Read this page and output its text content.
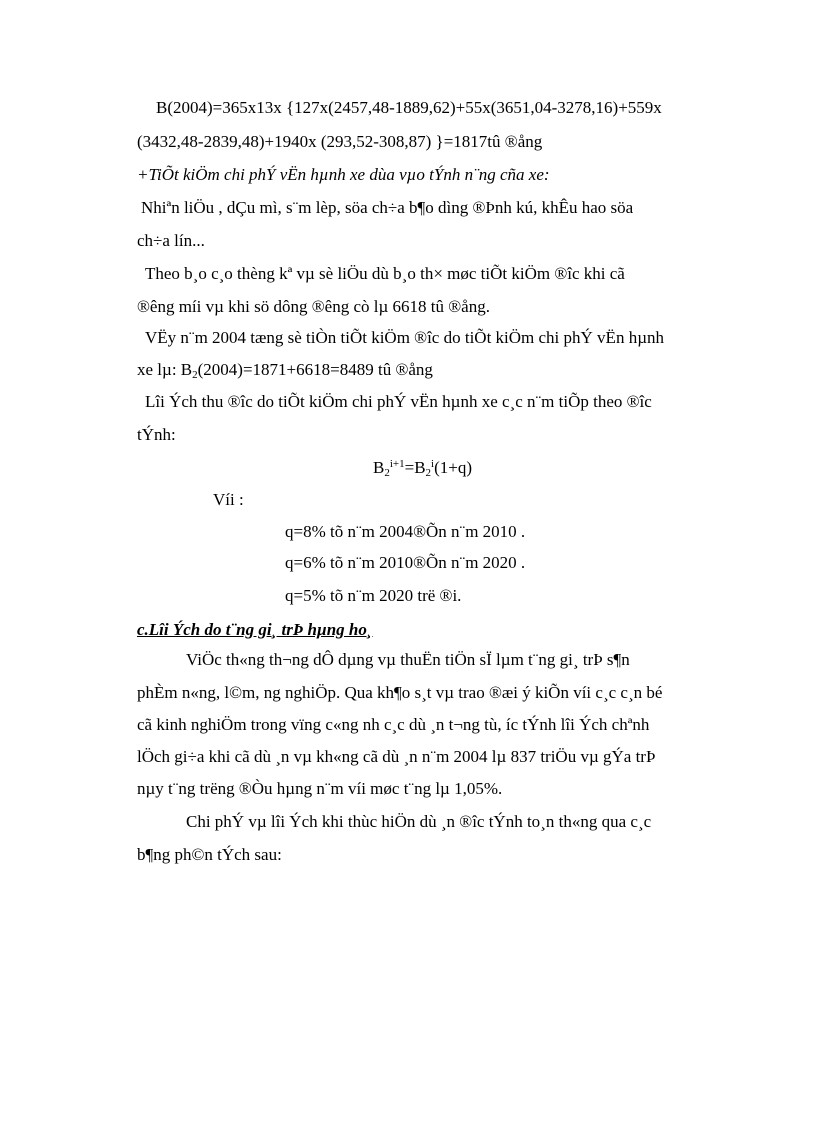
B(2004)=365x13x {127x(2457,48-1889,62)+55x(3651,04-3278,16)+559x
(3432,48-2839,48)+1940x (293,52-308,87) }=1817tû ®ång
+TiÕt kiÖm chi phÝ vËn hµnh xe dùa vµo tÝnh n¨ng cña xe:
Nhiªn liÖu , dÇu mì, s¨m lèp, söa ch÷a b¶o dìng ®Þnh kú, khÊu hao söa
ch÷a lín...
Theo b¸o c¸o thèng kª vµ sè liÖu dù b¸o th× møc tiÕt kiÖm ®îc khi cã
®êng míi vµ khi sö dông ®êng cò lµ 6618 tû ®ång.
VËy n¨m 2004 tæng sè tiÒn tiÕt kiÖm ®îc do tiÕt kiÖm chi phÝ vËn hµnh
xe lµ: $B_2(2004)=1871+6618=8489$ tû ®ång
Lîi Ých thu ®îc do tiÕt kiÖm chi phÝ vËn hµnh xe c¸c n¨m tiÕp theo ®îc
tÝnh:
$B_2^{i+1}=B_2^i(1+q)$
Víi :
q=8% tõ n¨m 2004®Õn n¨m 2010 .
q=6% tõ n¨m 2010®Õn n¨m 2020 .
q=5% tõ n¨m 2020 trë ®i.
c.Lîi Ých do t¨ng gi¸ trÞ hµng ho¸
ViÖc th«ng th¬ng dÔ dµng vµ thuËn tiÖn sÏ lµm t¨ng gi¸ trÞ s¶n
phÈm n«ng, l©m, ng nghiÖp. Qua kh¶o s¸t vµ trao ®æi ý kiÕn víi c¸c c¸n bé
cã kinh nghiÖm trong vïng c«ng nh c¸c dù ¸n t¬ng tù, íc tÝnh lîi Ých chªnh
lÖch gi÷a khi cã dù ¸n vµ kh«ng cã dù ¸n n¨m 2004 lµ 837 triÖu vµ gÝa trÞ
nµy t¨ng trëng ®Òu hµng n¨m víi møc t¨ng lµ 1,05%.
Chi phÝ vµ lîi Ých khi thùc hiÖn dù ¸n ®îc tÝnh to¸n th«ng qua c¸c
b¶ng ph©n tÝch sau:
